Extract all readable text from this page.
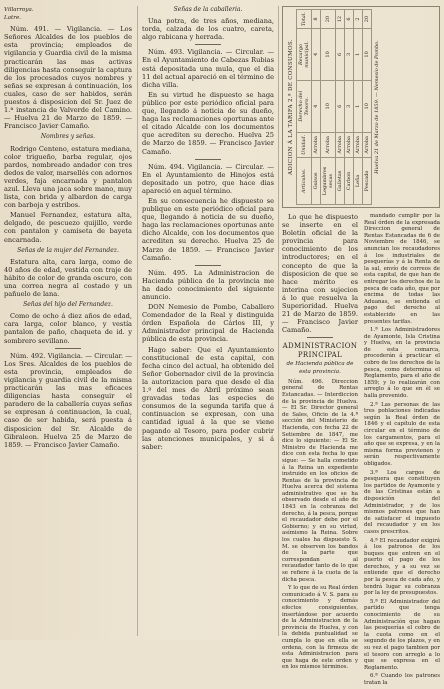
Villarroya.
Latre.
Núm. 491. — Vigilancia. — Los Señores Alcaldes de los pueblos de esta provincia; empleados de vigilancia y Guardia civil de la misma practicarán las mas activas diligencias hasta conseguir la captura de los procesados cuyos nombres y señas se expresan á continuación, los cuales, caso de ser habidos, serán puestos á disposicion del Sr. Juez de 1.ª instancia de Valverde del Camino. — Huelva 21 de Marzo de 1859. — Francisco Javier Camaño.
Nombres y señas.
Rodrigo Centeno, estatura mediana, color trigueño, barba regular, ojos pardos, nombreado andador con tres dedos de valor, marsellés con adornos verdes, faja encarnada y pantalon azul. Lleva una jaca sobre mano, muy lista, con brida y albardon de carga con barboja y estribos.
Manuel Fernandez, estatura alta, delgado, de pescuezo quijillo, verde con pantalon y camiseta de bayeta encarnada.
Señas de la mujer del Fernandez.
Estatura alta, cara larga, como de 40 años de edad, vestida con traje de hábito de color de granda oscuro, con una correa negra al costado y un pañuelo de lana.
Señas del hijo del Fernandez.
Como de ocho á diez años de edad, cara larga, color blanco, y vestía pantalon de paño, chaqueta de id. y sombrero sevillano.
Núm. 492. Vigilancia. — Circular. — Los Sres. Alcaldes de los pueblos de esta provincia, empleados de vigilancia y guardia civil de la misma practicarán las mas eficaces diligencias hasta conseguir el paradero de la caballería cuyas señas se expresan á continuacion, la cual, caso de ser habida, será puesta á disposicion del Sr. Alcalde de Gibraleon. Huelva 25 de Marzo de 1859. — Francisco Javier Camaño.
Señas de la caballeria.
Una potra, de tres años, mediana, torda, calzada de los cuatro, careta, algo rabicana y herrada.
Núm. 493. Vigilancia. — Circular. — En el Ayuntamiento de Cabezas Rubias está depositada una mula, que el dia 11 del actual apareció en el término de dicha villa.
En su virtud he dispuesto se haga público por este periódico oficial para que, llegando á noticia de su dueño, haga las reclamaciones oportunas ante el citado Alcalde con los documentos que acrediten su derecho. Huelva 25 de Marzo de 1859. — Francisco Javier Camaño.
Núm. 494. Vigilancia. — Circular. — En el Ayuntamiento de Hinojos está depositado un potro, que hace dias apareció en aquel término.
En su consecuencia he dispuesto se publique en este periódico oficial para que, llegando á noticia de su dueño, haga las reclamaciones oportunas ante dicho Alcalde, con los documentos que acrediten su derecho. Huelva 25 de Marzo de 1859. — Francisco Javier Camaño.
Núm. 495. La Administracion de Hacienda pública de la provincia me ha dado conocimiento del siguiente anuncio.
DON Nemesio de Pombo, Caballero Comendador de la Real y distinguida órden Española de Cárlos III, y Administrador principal de Hacienda pública de esta provincia.
Hago saber: Que el Ayuntamiento constitucional de esta capital, con fecha cinco del actual, ha obtenido del Señor Gobernador civil de la provincia la autorizacion para que desde el dia 1.º del mes de Abril próximo sean gravadas todas las especies de consumos de la segunda tarifa que á continuacion se expresan, con una cantidad igual á la que se viene pagando al Tesoro, para poder cubrir las atenciones municipales, y si á saber:
ADICION Á LA TARIFA 2.ª DE CONSUMOS.
Articulos.	Unidad.	Derecho del Tesoro.	Recargo municipal.	Total.
Guisos	Arroba	4	4	8
Legumbres secas	Arroba	10	10	20
Galletas	Arroba	6	6	12
Carbon	Arroba	3	3	6
Leña	Arroba	1	1	2
Pescado	Arroba	10	10	20
Huelva 21 de Marzo de 1859. — Nemesio de Pombo.
Lo que he dispuesto se inserte en el Boletín oficial de la provincia para conocimiento de los introductores; en el concepto de que la disposicion de que se hace mérito es interina con sujecion á lo que resuelva la Superioridad. Huelva 21 de Marzo de 1859. — Francisco Javier Camaño.
ADMINISTRACION PRINCIPAL
de Hacienda pública de esta provincia.
Núm. 496. Direccion general de Rentas Estancadas. — Interdiccion de la provincia de Huelva. — El Sr. Director general de Sales, Oficio de la 4.ª sección del Ministerio de Hacienda, con fecha 22 de Setiembre de 1847, me dice lo siguiente: — El Sr. Ministro de Hacienda me dice con esta fecha lo que sigue: — Se halla cometido á la Reina un expediente instruido en los oficios de Rentas de la provincia de Huelva acerca del sistema administrativo que se ha observado desde el año de 1843 en la cobranza del derecho, á la pesca, porque el recaudador debe por el Gobierno; y en su virtud, asímismo la Reina. Sobre los cuales ha dispuesto S. M. se observen los bandos de la parte que correspondan al recaudador tanto de lo que se refiere á la cuota de la dicha pesca.
Y lo que de su Real órden comunicado á V. S. para su conocimiento y demás efectos consiguientes, insertándose por acuerdo de la Administracion de la provincia de Huelva, y con la debida puntualidad se cumpla lo que en ella se ordena, con la firmeza de esta Administracion para que haga de este orden y en los mismos términos.
mandado cumplir por la Real órden de la expresada Direccion general de Rentas Estancadas de 6 de Noviembre de 1846, se anuncian los recaudadores á los industriales de pesquerías y á la Renta de la sal, envío de correos de esta capital, de que han de entregar los derechos de la pesca de cada año, que por encima de todas las Aduanas, se entienda el pago del derecho al establecido en las presentes tarifas.
1.ª Los Administradores de Ayamonte, Isla Cristina y Huelva, en la provincia de esta comarca, procederán á practicar el cobro de los derechos de la pesca, como determina el Reglamento, para el año de 1859; y lo realizarán con arreglo á lo que en él se halla prevenido.
2.ª Las personas de las tres poblaciones indicadas según la Real órden de 1846 y el capítulo de esta circular en el término de los cargamentos, para el año que se expresa, y en la misma forma previenen y serán respectivamente obligados.
3.ª Los cargos de pesquera que constituyen los partidos de Ayamonte y de las Cristinas están a disposición del Administrador, y de los mismos patrones que han de satisfacer el impuesto del recaudador y en los casos prescritos.
4.ª El recaudador exigirá á los patronos de los buques que entren en el puerto el pago de los derechos, y a su vez se entiende que el derecho por la pesca de cada año, y tendrá lugar su cobranza por la ley de presupuestos.
5.ª El Administrador del partido que tenga conocimiento de su Administración que hagan las pesquerías el cobro de la cuota como en el segundo de los plazos, y en su vez el pago tambien por el tesoro con arreglo a lo que se expresa en el Reglamento.
6.ª Cuando los patrones tratan la
